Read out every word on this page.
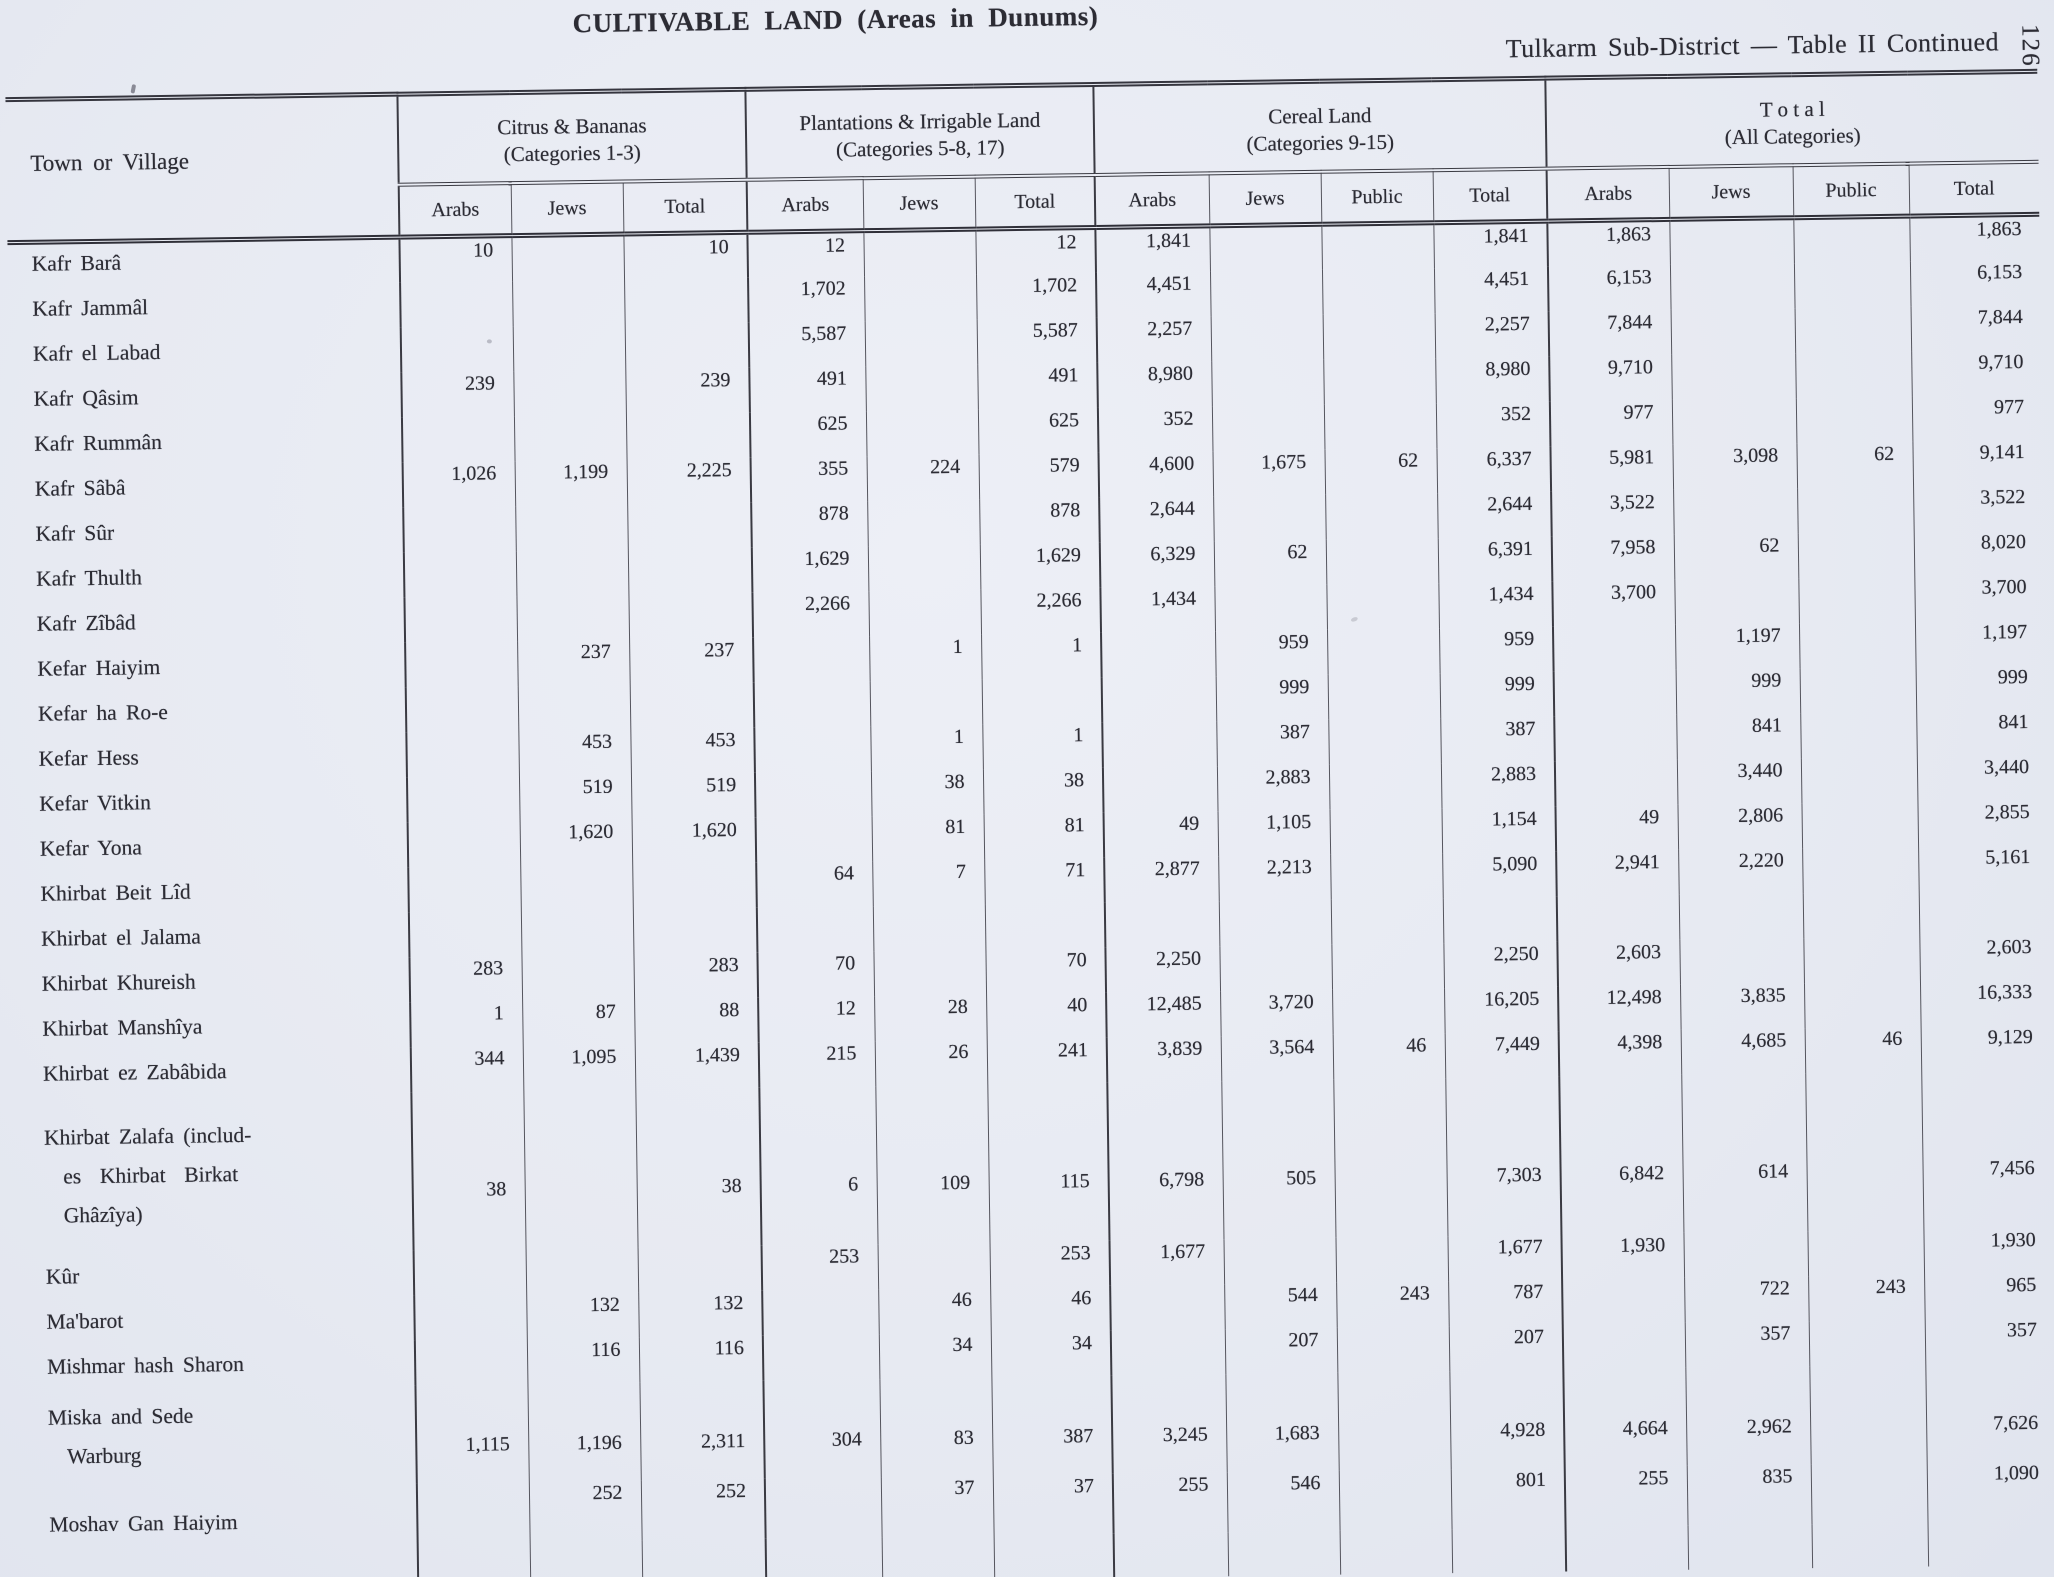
CULTIVABLE LAND (Areas in Dunums)
Tulkarm Sub-District — Table II Continued 126
Town or Village	
Citrus & Bananas
(Categories 1-3)

Plantations & Irrigable Land
(Categories 5-8, 17)

Cereal Land
(Categories 9-15)

T o t a l
(All Categories)

	Arabs	Jews	Total	Arabs	Jews	Total	Arabs	Jews	Public	Total	Arabs	Jews	Public	Total
Kafr Barâ	10		10	12		12	1,841			1,841	1,863			1,863
Kafr Jammâl				1,702		1,702	4,451			4,451	6,153			6,153
Kafr el Labad				5,587		5,587	2,257			2,257	7,844			7,844
Kafr Qâsim	239		239	491		491	8,980			8,980	9,710			9,710
Kafr Rummân				625		625	352			352	977			977
Kafr Sâbâ	1,026	1,199	2,225	355	224	579	4,600	1,675	62	6,337	5,981	3,098	62	9,141
Kafr Sûr				878		878	2,644			2,644	3,522			3,522
Kafr Thulth				1,629		1,629	6,329	62		6,391	7,958	62		8,020
Kafr Zîbâd				2,266		2,266	1,434			1,434	3,700			3,700
Kefar Haiyim		237	237		1	1		959		959		1,197		1,197
Kefar ha Ro-e								999		999		999		999
Kefar Hess		453	453		1	1		387		387		841		841
Kefar Vitkin		519	519		38	38		2,883		2,883		3,440		3,440
Kefar Yona		1,620	1,620		81	81	49	1,105		1,154	49	2,806		2,855
Khirbat Beit Lîd				64	7	71	2,877	2,213		5,090	2,941	2,220		5,161
Khirbat el Jalama														
Khirbat Khureish	283		283	70		70	2,250			2,250	2,603			2,603
Khirbat Manshîya	1	87	88	12	28	40	12,485	3,720		16,205	12,498	3,835		16,333
Khirbat ez Zabâbida	344	1,095	1,439	215	26	241	3,839	3,564	46	7,449	4,398	4,685	46	9,129
Khirbat Zalafa (includ-
es  Khirbat  Birkat
Ghâzîya)	38		38	6	109	115	6,798	505		7,303	6,842	614		7,456
Kûr				253		253	1,677			1,677	1,930			1,930
Ma'barot		132	132		46	46		544	243	787		722	243	965
Mishmar hash Sharon		116	116		34	34		207		207		357		357
Miska and Sede
Warburg	1,115	1,196	2,311	304	83	387	3,245	1,683		4,928	4,664	2,962		7,626
Moshav Gan Haiyim		252	252		37	37	255	546		801	255	835		1,090
